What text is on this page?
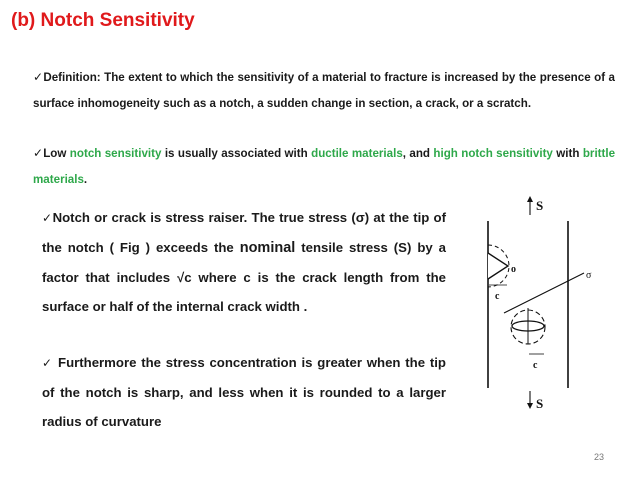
(b) Notch Sensitivity
✓Definition: The extent to which the sensitivity of a material to fracture is increased by the presence of a surface inhomogeneity such as a notch, a sudden change in section, a crack, or a scratch.
✓Low notch sensitivity is usually associated with ductile materials, and high notch sensitivity with brittle materials.
✓Notch or crack is stress raiser. The true stress (σ) at the tip of the notch ( Fig ) exceeds the nominal tensile stress (S) by a factor that includes √c where c is the crack length from the surface or half of the internal crack width .
✓ Furthermore the stress concentration is greater when the tip of the notch is sharp, and less when it is rounded to a larger radius of curvature
S
S
o
c
c
σ
23
